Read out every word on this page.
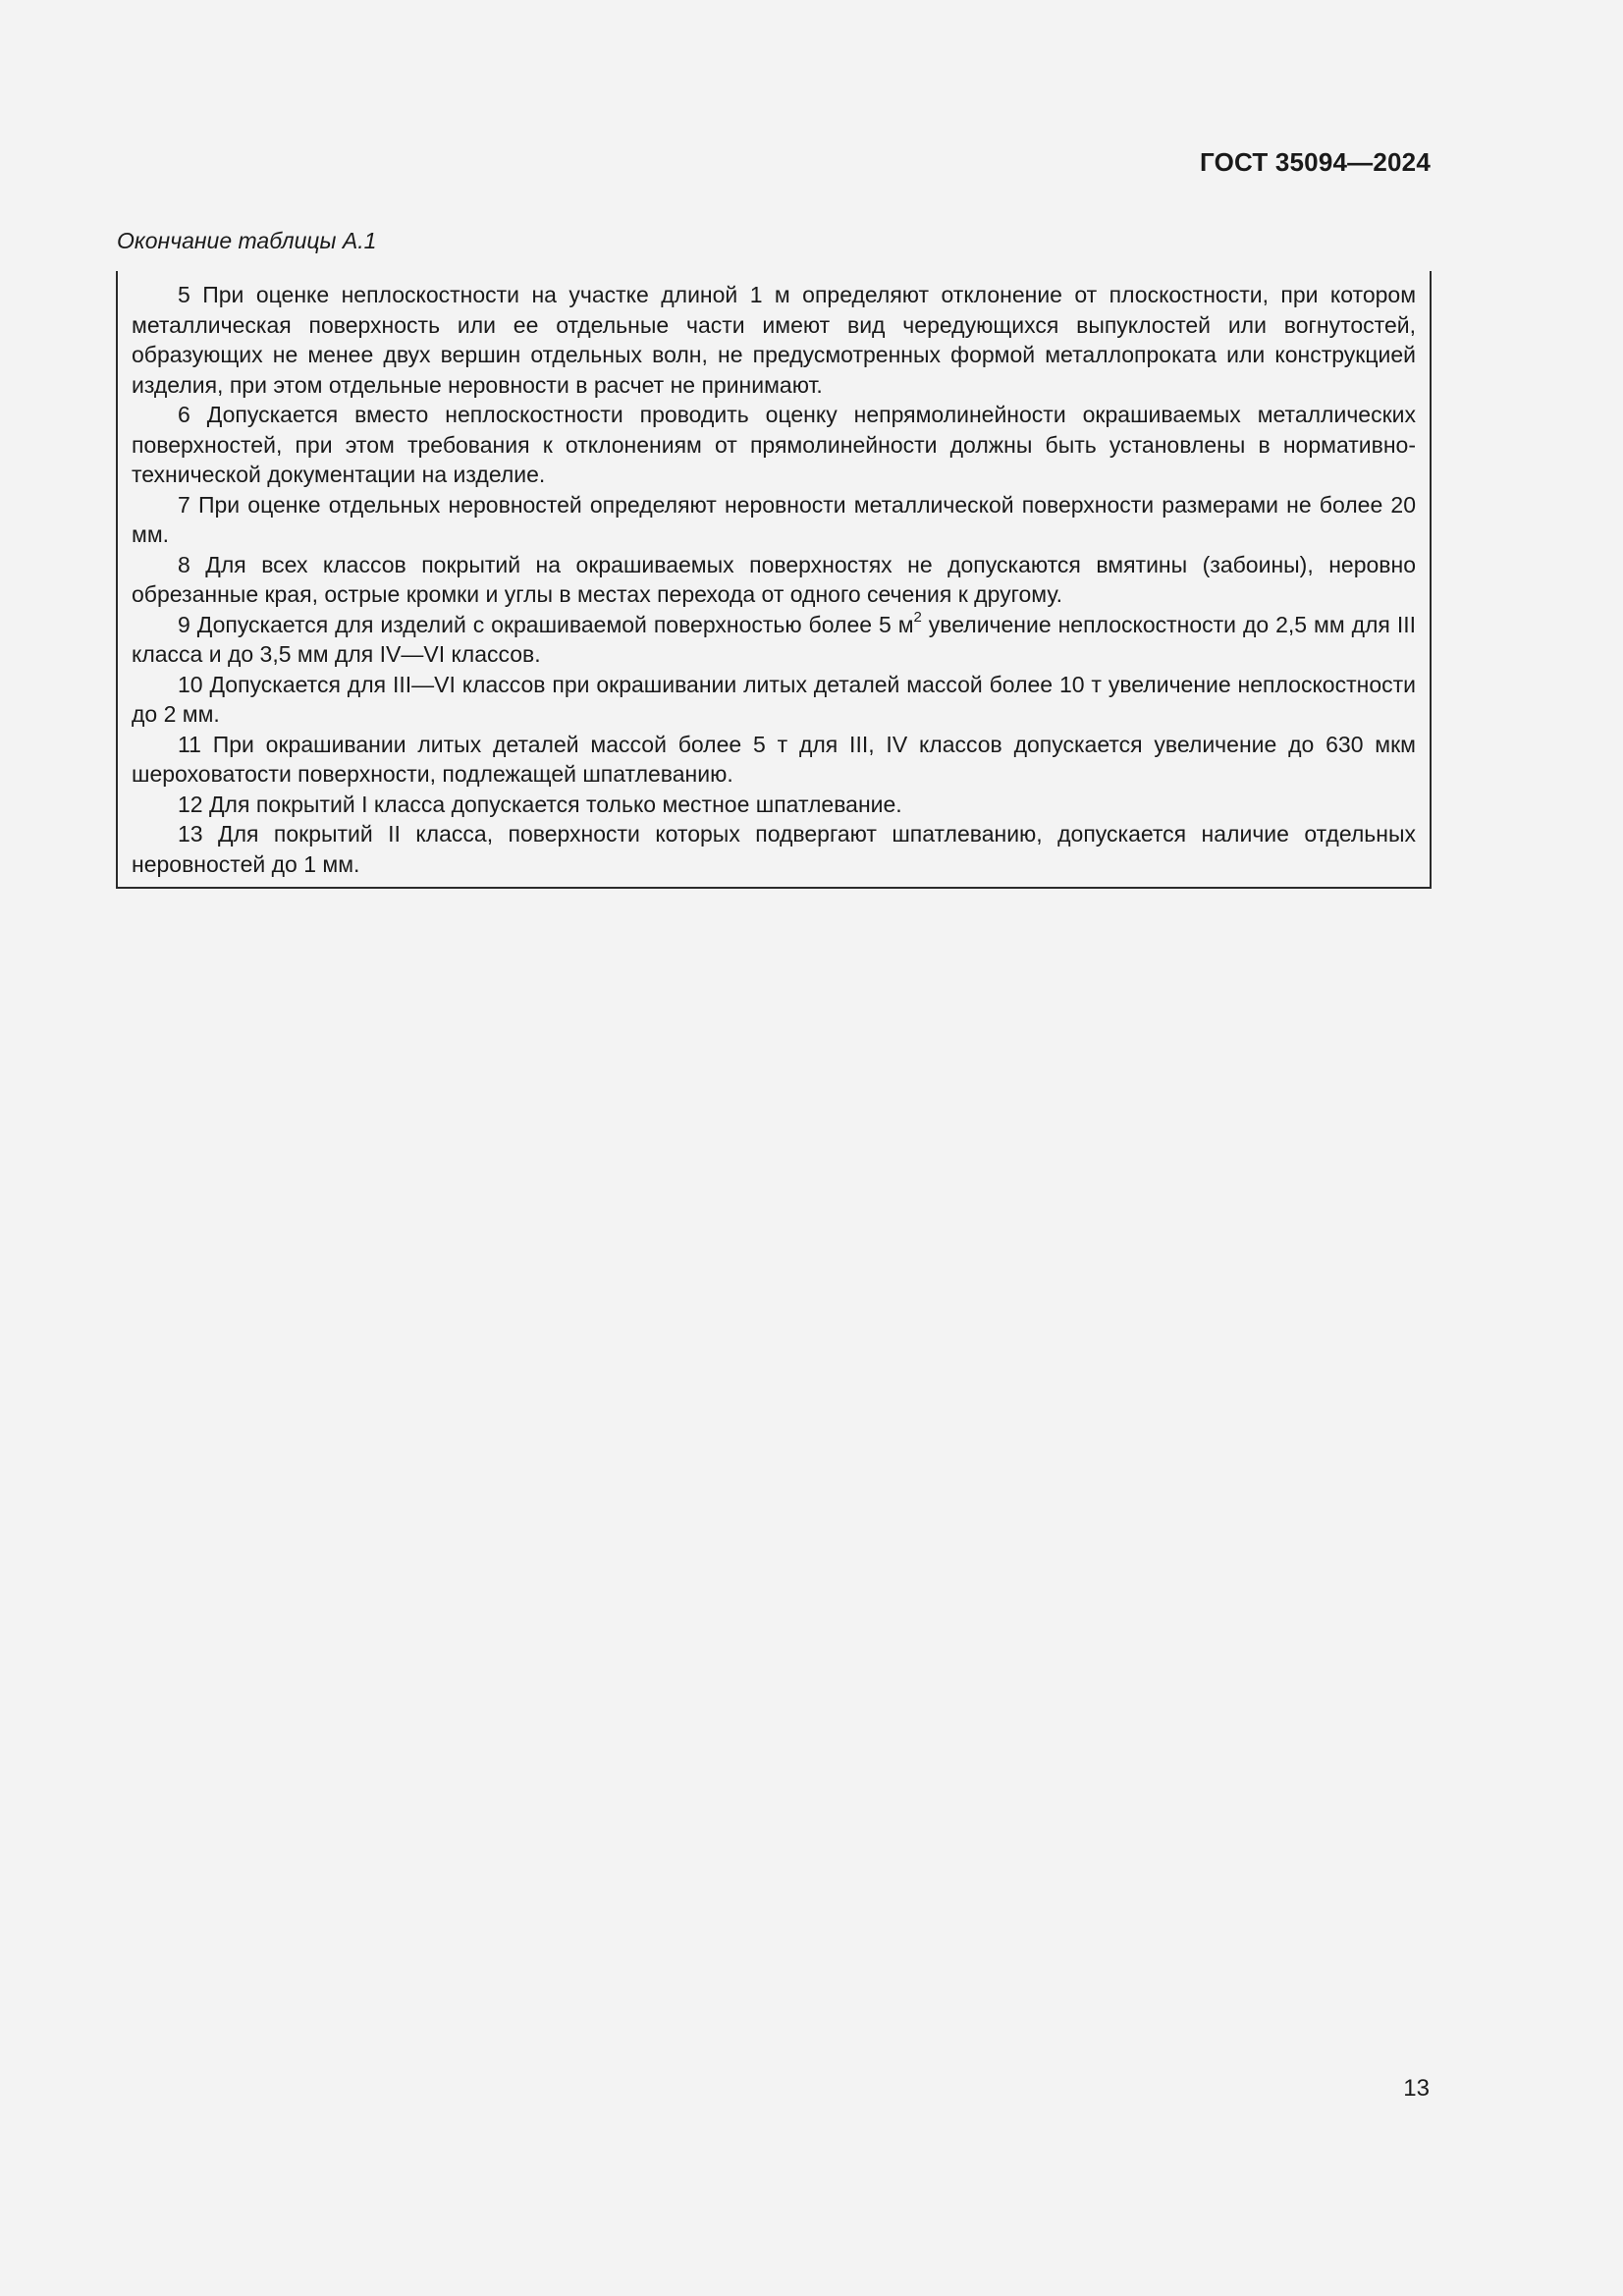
ГОСТ 35094—2024
Окончание таблицы А.1

5 При оценке неплоскостности на участке длиной 1 м определяют отклонение от плоскостности, при котором металлическая поверхность или ее отдельные части имеют вид чередующихся выпуклостей или вогнутостей, образующих не менее двух вершин отдельных волн, не предусмотренных формой металлопроката или конструкцией изделия, при этом отдельные неровности в расчет не принимают.

6 Допускается вместо неплоскостности проводить оценку непрямолинейности окрашиваемых металлических поверхностей, при этом требования к отклонениям от прямолинейности должны быть установлены в нормативно-технической документации на изделие.

7 При оценке отдельных неровностей определяют неровности металлической поверхности размерами не более 20 мм.

8 Для всех классов покрытий на окрашиваемых поверхностях не допускаются вмятины (забоины), неровно обрезанные края, острые кромки и углы в местах перехода от одного сечения к другому.

9 Допускается для изделий с окрашиваемой поверхностью более 5 $м^2$ увеличение неплоскостности до 2,5 мм для III класса и до 3,5 мм для IV—VI классов.

10 Допускается для III—VI классов при окрашивании литых деталей массой более 10 т увеличение неплоскостности до 2 мм.

11 При окрашивании литых деталей массой более 5 т для III, IV классов допускается увеличение до 630 мкм шероховатости поверхности, подлежащей шпатлеванию.

12 Для покрытий I класса допускается только местное шпатлевание.

13 Для покрытий II класса, поверхности которых подвергают шпатлеванию, допускается наличие отдельных неровностей до 1 мм.

13
